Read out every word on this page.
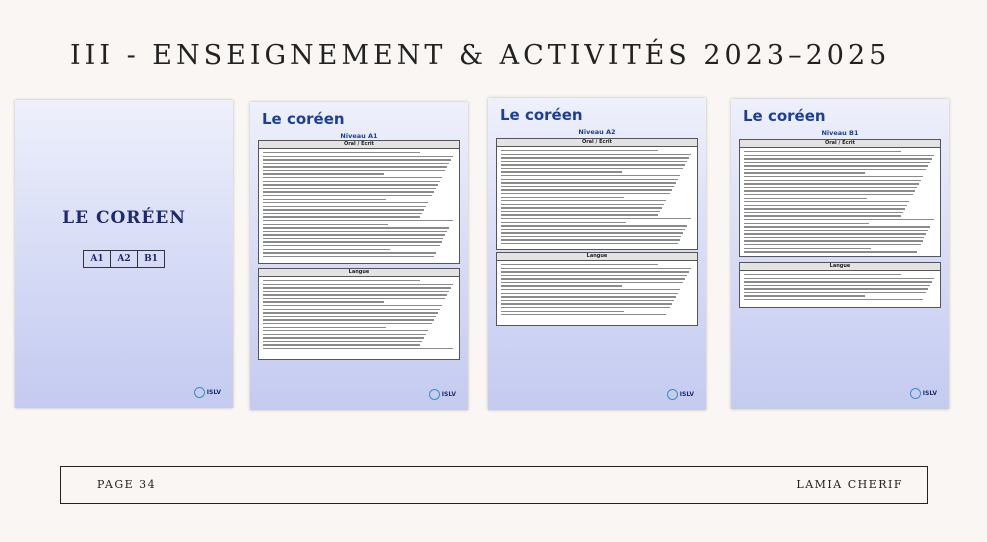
III - ENSEIGNEMENT & ACTIVITÉS 2023–2025
LE CORÉEN
A1	A2	B1
ISLV
Le coréen
Niveau A1
Oral / Écrit
Langue
ISLV
Le coréen
Niveau A2
Oral / Écrit
Langue
ISLV
Le coréen
Niveau B1
Oral / Écrit
Langue
ISLV
PAGE 34	LAMIA CHERIF
